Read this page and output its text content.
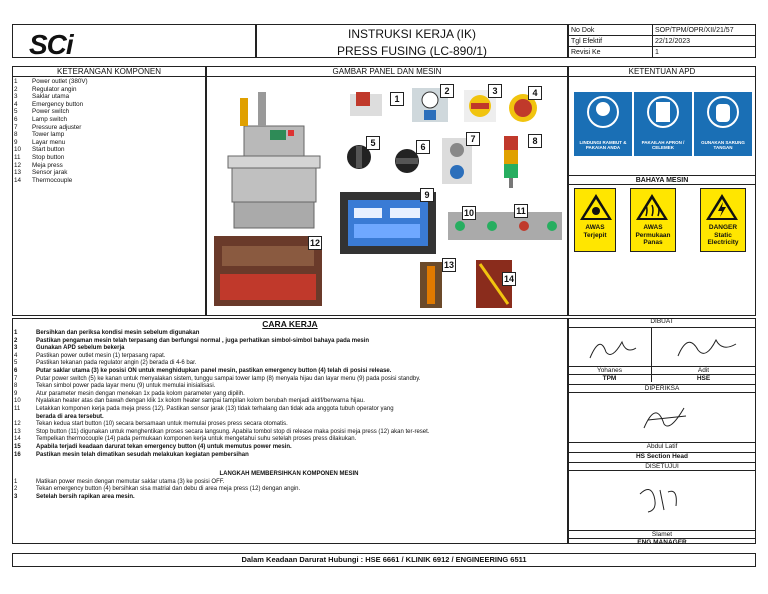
SCi	INSTRUKSI KERJA (IK)
PRESS FUSING (LC-890/1)
No Dok	SOP/TPM/OPR/XII/21/57
Tgl Efektif	22/12/2023
Revisi Ke	1
KETERANGAN KOMPONEN	GAMBAR PANEL DAN MESIN	KETENTUAN APD
BAHAYA MESIN
1 Power outlet (380V)
2 Regulator angin
3 Saklar utama
4 Emergency button
5 Power switch
6 Lamp switch
7 Pressure adjuster
8 Tower lamp
9 Layar menu
10 Start button
11 Stop button
12 Meja press
13 Sensor jarak
14 Thermocouple
12
1
2	3	4
5	6
7	8
9
10	11
13
14
LINDUNGI RAMBUT & PAKAIAN ANDA
PAKAILAH APRON / CELEMEK
GUNAKAN SARUNG TANGAN
AWAS
Terjepit
AWAS
Permukaan Panas
DANGER
Static Electricity
CARA KERJA
1	Bersihkan dan periksa kondisi mesin sebelum digunakan
2	Pastikan pengaman mesin telah terpasang dan berfungsi normal , juga perhatikan simbol-simbol bahaya pada mesin
3	Gunakan APD sebelum bekerja
4	Pastikan power outlet mesin (1) terpasang rapat.
5	Pastikan tekanan pada regulator angin (2) berada di 4-6 bar.
6	Putar saklar utama (3) ke posisi ON untuk menghidupkan panel mesin, pastikan emergency button (4) telah di posisi release.
7	Putar power switch (5) ke kanan untuk menyalakan sistem, tunggu sampai tower lamp (8) menyala hijau dan layar menu (9) pada posisi standby.
8	Tekan simbol power pada layar menu (9) untuk memulai inisialisasi.
9	Atur parameter mesin dengan menekan 1x pada kolom parameter yang dipilih.
10	Nyalakan heater atas dan bawah dengan klik 1x kolom heater sampai tampilan kolom berubah menjadi aktif/berwarna hijau.
11	Letakkan komponen kerja pada meja press (12). Pastikan sensor jarak (13) tidak terhalang dan tidak ada anggota tubuh operator yang
berada di area tersebut.
12	Tekan kedua start button (10) secara bersamaan untuk memulai proses press secara otomatis.
13	Stop button (11) digunakan untuk menghentikan proses secara langsung. Apabila tombol stop di release maka posisi meja press (12) akan ter-reset.
14	Tempelkan thermocouple (14) pada permukaan komponen kerja untuk mengetahui suhu setelah proses press dilakukan.
15	Apabila terjadi keadaan darurat tekan emergency button (4) untuk memutus power mesin.
16	Pastikan mesin telah dimatikan sesudah melakukan kegiatan pembersihan
LANGKAH MEMBERSIHKAN KOMPONEN MESIN
1	Matikan power mesin dengan memutar saklar utama (3) ke posisi OFF.
2	Tekan emergency button (4) bersihkan sisa matrial dan debu di area meja press (12) dengan angin.
3	Setelah bersih rapikan area mesin.
DIBUAT
Yohanes	Adit
TPM	HSE
DIPERIKSA
Abdul Latif
HS Section Head
DISETUJUI
Slamet
ENG MANAGER
Dalam Keadaan Darurat Hubungi : HSE 6661 / KLINIK 6912 / ENGINEERING 6511
